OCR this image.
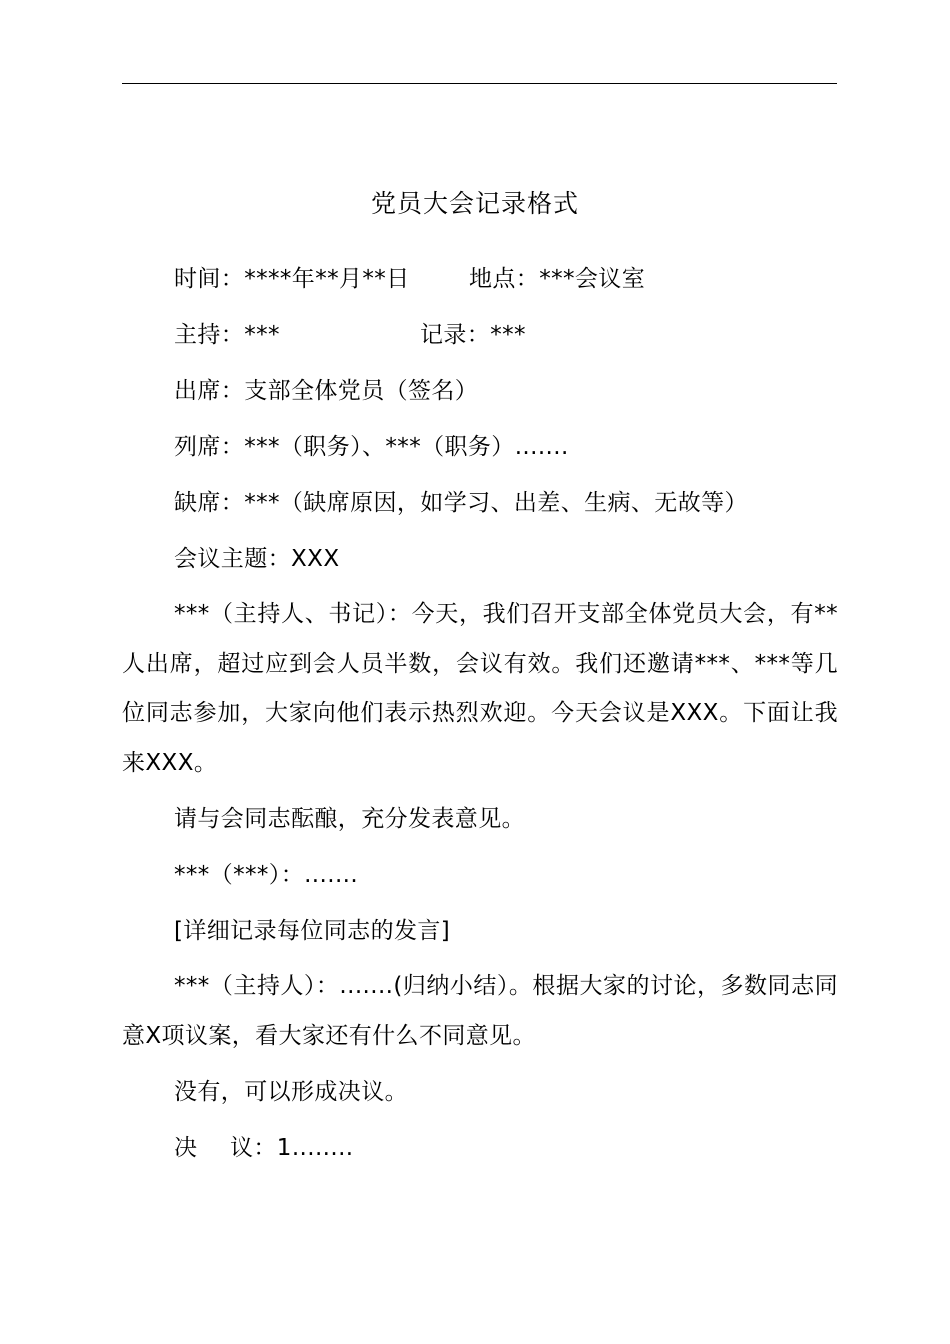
党员大会记录格式
时间：****年**月**日	地点：***会议室
主持：***	记录：***
出席：支部全体党员（签名）
列席：***（职务）、***（职务）.......
缺席：***（缺席原因，如学习、出差、生病、无故等）
会议主题：XXX
***（主持人、书记）：今天，我们召开支部全体党员大会，有**人出席，超过应到会人员半数，会议有效。我们还邀请***、***等几位同志参加，大家向他们表示热烈欢迎。今天会议是XXX。下面让我来XXX。
请与会同志酝酿，充分发表意见。
***（***）：.......
[详细记录每位同志的发言]
***（主持人）：.......(归纳小结）。根据大家的讨论，多数同志同意X项议案，看大家还有什么不同意见。
没有，可以形成决议。
决 议：1........
